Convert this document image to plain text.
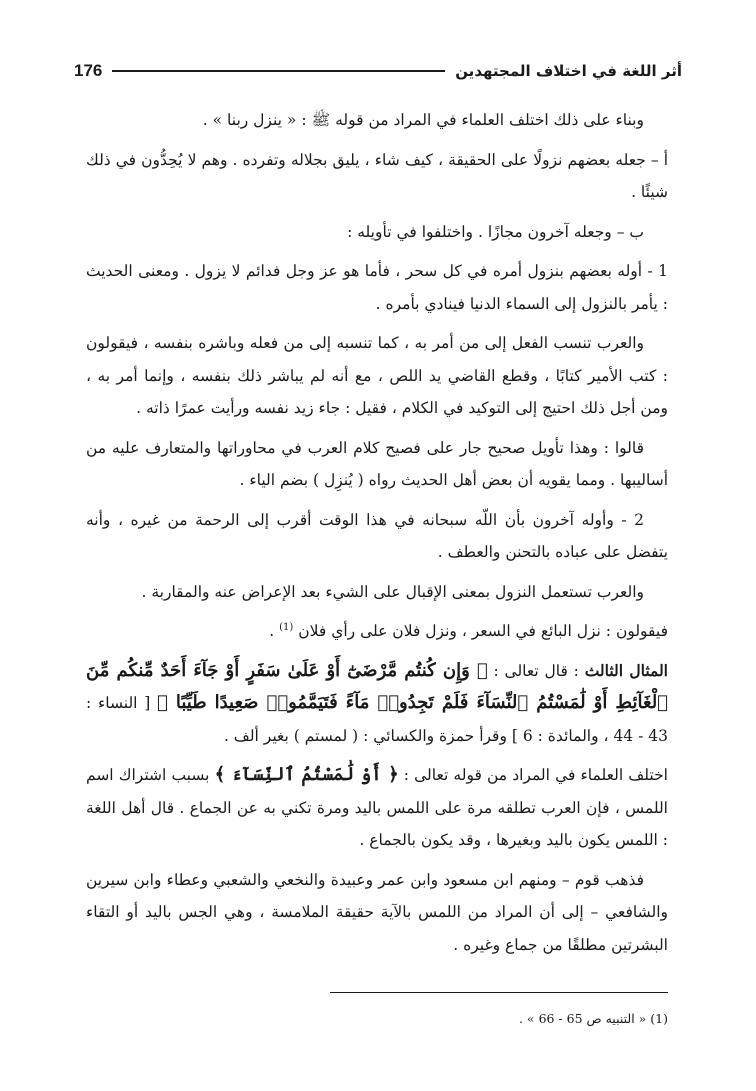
أثر اللغة في اختلاف المجتهدين
176

وبناء على ذلك اختلف العلماء في المراد من قوله ﷺ : « ينزل ربنا » .

أ – جعله بعضهم نزولًا على الحقيقة ، كيف شاء ، يليق بجلاله وتفرده . وهم لا يُحِدُّون في ذلك شيئًا .

ب – وجعله آخرون مجازًا . واختلفوا في تأويله :

1 - أوله بعضهم بنزول أمره في كل سحر ، فأما هو عز وجل فدائم لا يزول . ومعنى الحديث : يأمر بالنزول إلى السماء الدنيا فينادي بأمره .

والعرب تنسب الفعل إلى من أمر به ، كما تنسبه إلى من فعله وباشره بنفسه ، فيقولون : كتب الأمير كتابًا ، وقطع القاضي يد اللص ، مع أنه لم يباشر ذلك بنفسه ، وإنما أمر به ، ومن أجل ذلك احتيج إلى التوكيد في الكلام ، فقيل : جاء زيد نفسه ورأيت عمرًا ذاته .

قالوا : وهذا تأويل صحيح جار على فصيح كلام العرب في محاوراتها والمتعارف عليه من أساليبها . ومما يقويه أن بعض أهل الحديث رواه ( يُنزِل ) بضم الياء .

2 - وأوله آخرون بأن اللّه سبحانه في هذا الوقت أقرب إلى الرحمة من غيره ، وأنه يتفضل على عباده بالتحنن والعطف .

والعرب تستعمل النزول بمعنى الإقبال على الشيء بعد الإعراض عنه والمقاربة .

فيقولون : نزل البائع في السعر ، ونزل فلان على رأي فلان $^{(1)}$ .

المثال الثالث : قال تعالى : ﴿ وَإِن كُنتُم مَّرْضَىٰٓ أَوْ عَلَىٰ سَفَرٍ أَوْ جَآءَ أَحَدٌ مِّنكُم مِّنَ ٱلْغَآئِطِ أَوْ لَٰمَسْتُمُ ٱلنِّسَآءَ فَلَمْ تَجِدُوا۟ مَآءً فَتَيَمَّمُوا۟ صَعِيدًا طَيِّبًا ﴾ [ النساء : 43 - 44 ، والمائدة : 6 ] وقرأ حمزة والكسائي : ( لمستم ) بغير ألف .

اختلف العلماء في المراد من قوله تعالى : ﴿ أَوْ لَٰمَسْتُمُ ٱلنِّسَآءَ ﴾ بسبب اشتراك اسم اللمس ، فإن العرب تطلقه مرة على اللمس باليد ومرة تكني به عن الجماع . قال أهل اللغة : اللمس يكون باليد وبغيرها ، وقد يكون بالجماع .

فذهب قوم – ومنهم ابن مسعود وابن عمر وعبيدة والنخعي والشعبي وعطاء وابن سيرين والشافعي – إلى أن المراد من اللمس بالآية حقيقة الملامسة ، وهي الجس باليد أو التقاء البشرتين مطلقًا من جماع وغيره .

(1) « التنبيه ص 65 - 66 » .
